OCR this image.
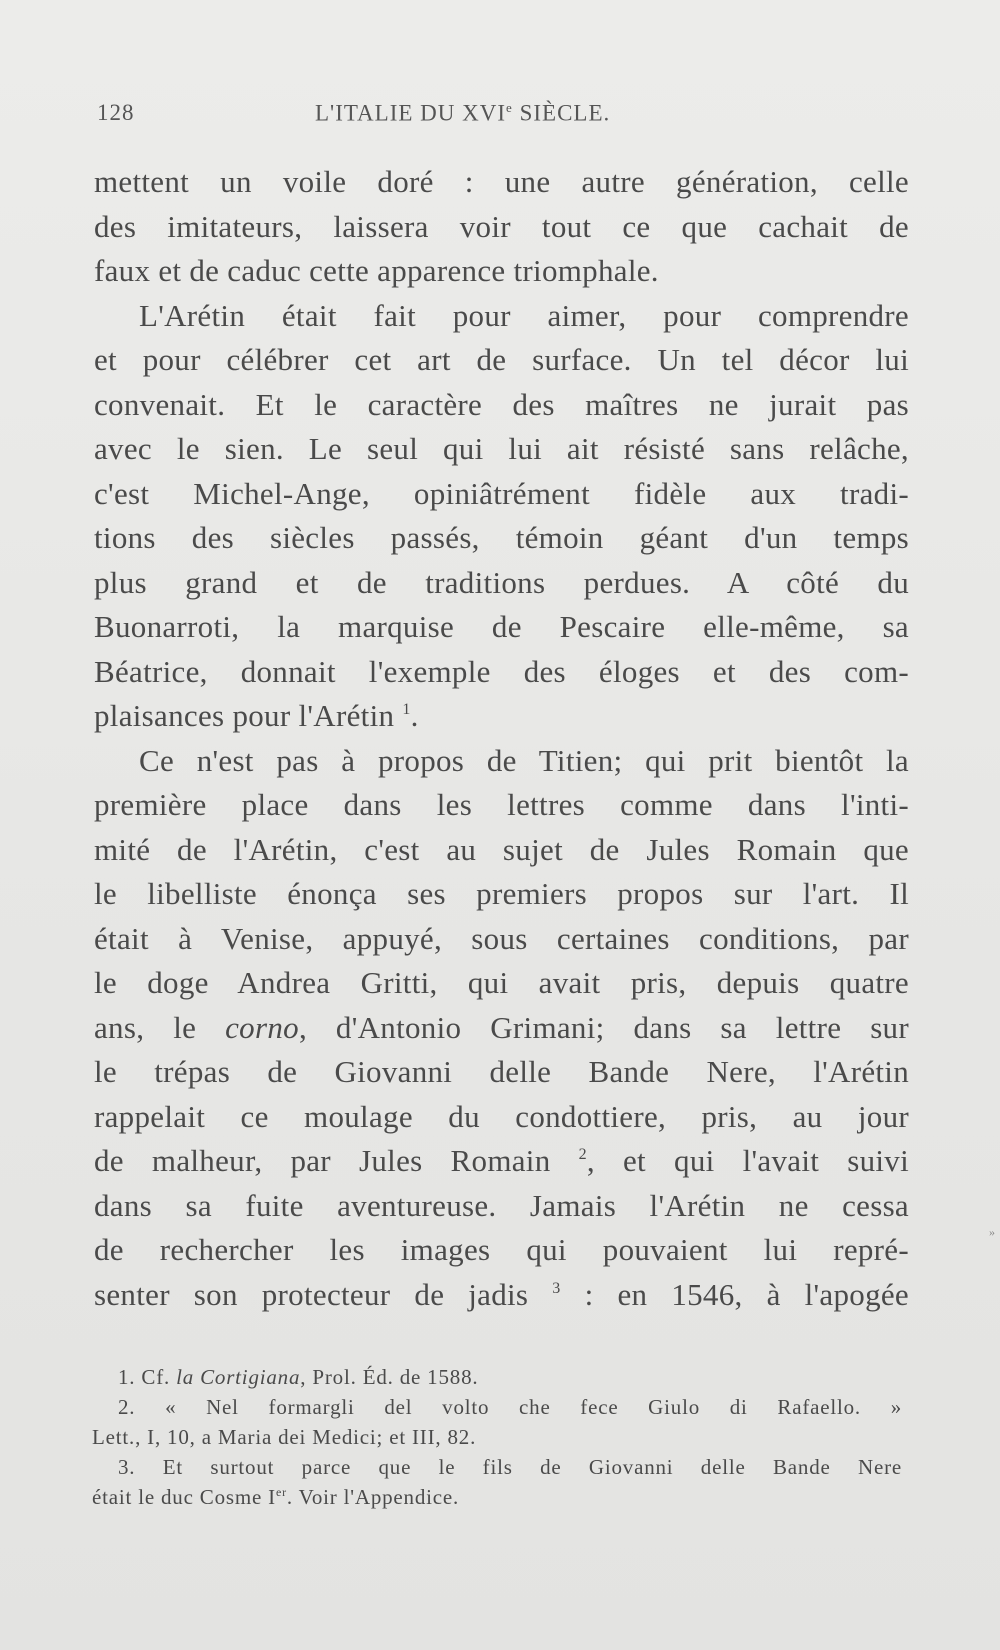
128	L'ITALIE DU XVIe SIÈCLE.
mettent un voile doré : une autre génération, celle
des imitateurs, laissera voir tout ce que cachait de
faux et de caduc cette apparence triomphale.
L'Arétin était fait pour aimer, pour comprendre
et pour célébrer cet art de surface. Un tel décor lui
convenait. Et le caractère des maîtres ne jurait pas
avec le sien. Le seul qui lui ait résisté sans relâche,
c'est Michel-Ange, opiniâtrément fidèle aux tradi-
tions des siècles passés, témoin géant d'un temps
plus grand et de traditions perdues. A côté du
Buonarroti, la marquise de Pescaire elle-même, sa
Béatrice, donnait l'exemple des éloges et des com-
plaisances pour l'Arétin $^1$.
Ce n'est pas à propos de Titien; qui prit bientôt la
première place dans les lettres comme dans l'inti-
mité de l'Arétin, c'est au sujet de Jules Romain que
le libelliste énonça ses premiers propos sur l'art. Il
était à Venise, appuyé, sous certaines conditions, par
le doge Andrea Gritti, qui avait pris, depuis quatre
ans, le corno, d'Antonio Grimani; dans sa lettre sur
le trépas de Giovanni delle Bande Nere, l'Arétin
rappelait ce moulage du condottiere, pris, au jour
de malheur, par Jules Romain $^2$, et qui l'avait suivi
dans sa fuite aventureuse. Jamais l'Arétin ne cessa
de rechercher les images qui pouvaient lui repré-
senter son protecteur de jadis $^3$ : en 1546, à l'apogée
1. Cf. la Cortigiana, Prol. Éd. de 1588.
2. « Nel formargli del volto che fece Giulo di Rafaello. »
Lett., I, 10, a Maria dei Medici; et III, 82.
3. Et surtout parce que le fils de Giovanni delle Bande Nere
était le duc Cosme Ier. Voir l'Appendice.
»
